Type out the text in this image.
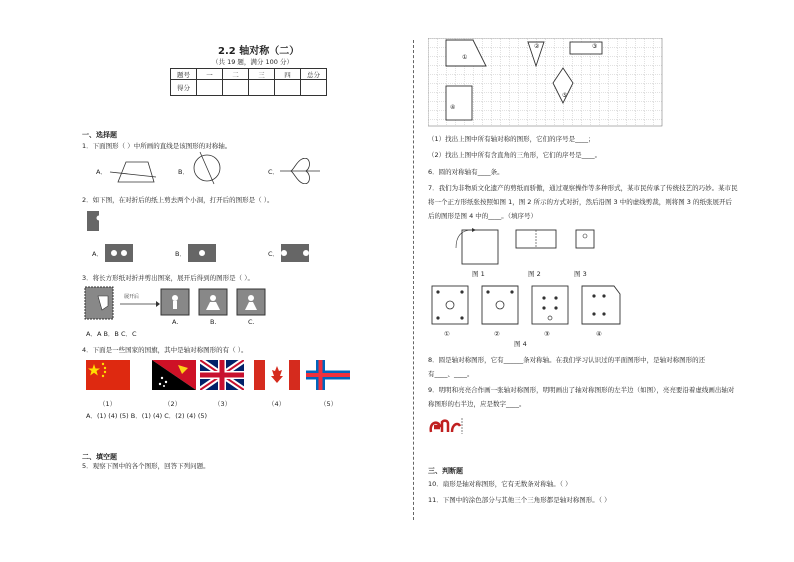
2.2 轴对称（二）
（共 19 题，满分 100 分）
题号	一	二	三	四	总分
得分					
一、选择题
1．下面图形（ ）中所画的直线是该图形的对称轴。
A．	B．	C．
2．如下图，在对折后的纸上剪去两个小洞，打开后的图形是（ ）。
A．	B．	C．
3．将长方形纸对折并剪出图案，展开后得到的图形是（ ）。
展开后
A.	B.	C.
A．A B．B C．C
4．下面是一些国家的国旗，其中是轴对称图形的有（ ）。
（1）	（2）	（3）	（4）	（5）
A．(1) (4) (5) B．(1) (4) C．(2) (4) (5)
二、填空题
5．观察下图中的各个图形，回答下列问题。
①
②	③
④
⑤
（1）找出上图中所有轴对称的图形，它们的序号是____；
（2）找出上图中所有含直角的三角形，它们的序号是____。
6．圆的对称轴有____条。
7．我们为非物质文化遗产的剪纸而骄傲，通过观察操作等多种形式，某市民传承了传统技艺的巧妙。某市民
将一个正方形纸张按照如图 1，图 2 所示的方式对折，然后沿图 3 中的虚线剪裁，则将图 3 的纸张展开后
后的图形是图 4 中的____。（填序号）
图 1	图 2	图 3
①	②	③	④
图 4
8．圆是轴对称图形，它有______条对称轴。在我们学习认识过的平面图形中，是轴对称图形的还
有____、____。
9．明明和亮亮合作画一张轴对称图形，明明画出了轴对称图形的左半边（如图），亮亮要沿着虚线画出轴对
称图形的右半边，应是数字____。
三、判断题
10．扇形是轴对称图形，它有无数条对称轴。（ ）
11．下图中的涂色部分与其他三个三角形都是轴对称图形。（ ）
